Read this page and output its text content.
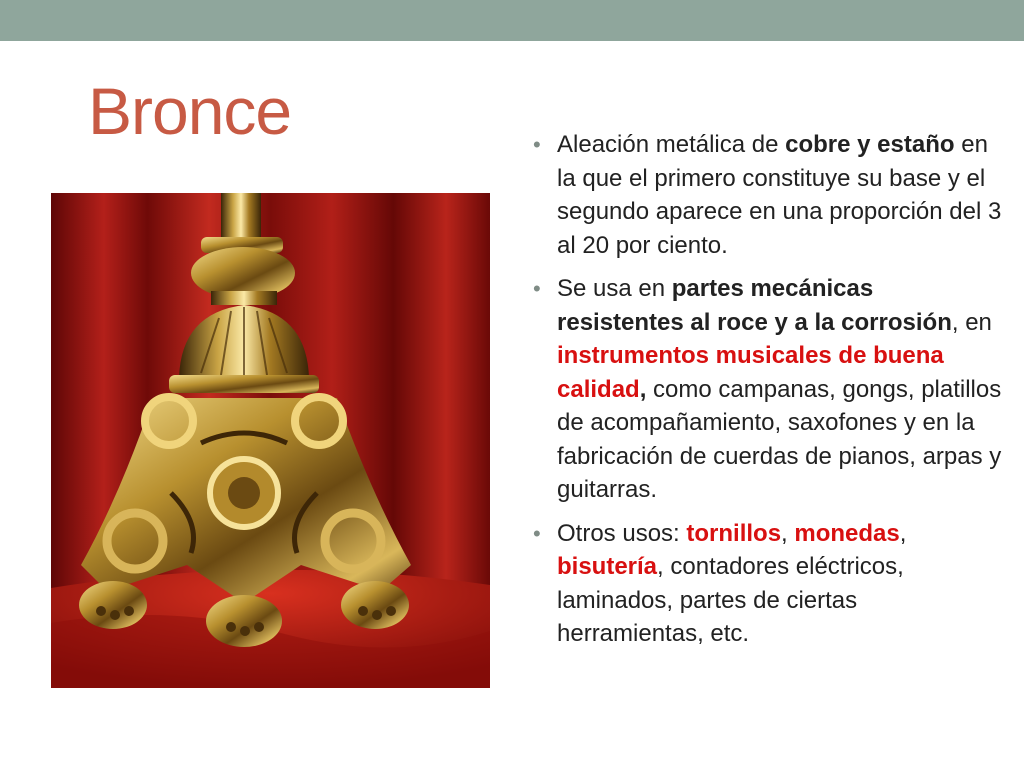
Bronce	• Aleación metálica de cobre y estaño en la que el primero constituye su base y el segundo aparece en una proporción del 3 al 20 por ciento.
• Se usa en partes mecánicas resistentes al roce y a la corrosión, en instrumentos musicales de buena calidad, como campanas, gongs, platillos de acompañamiento, saxofones y en la fabricación de cuerdas de pianos, arpas y guitarras.
• Otros usos: tornillos, monedas, bisutería, contadores eléctricos, laminados, partes de ciertas herramientas, etc.
